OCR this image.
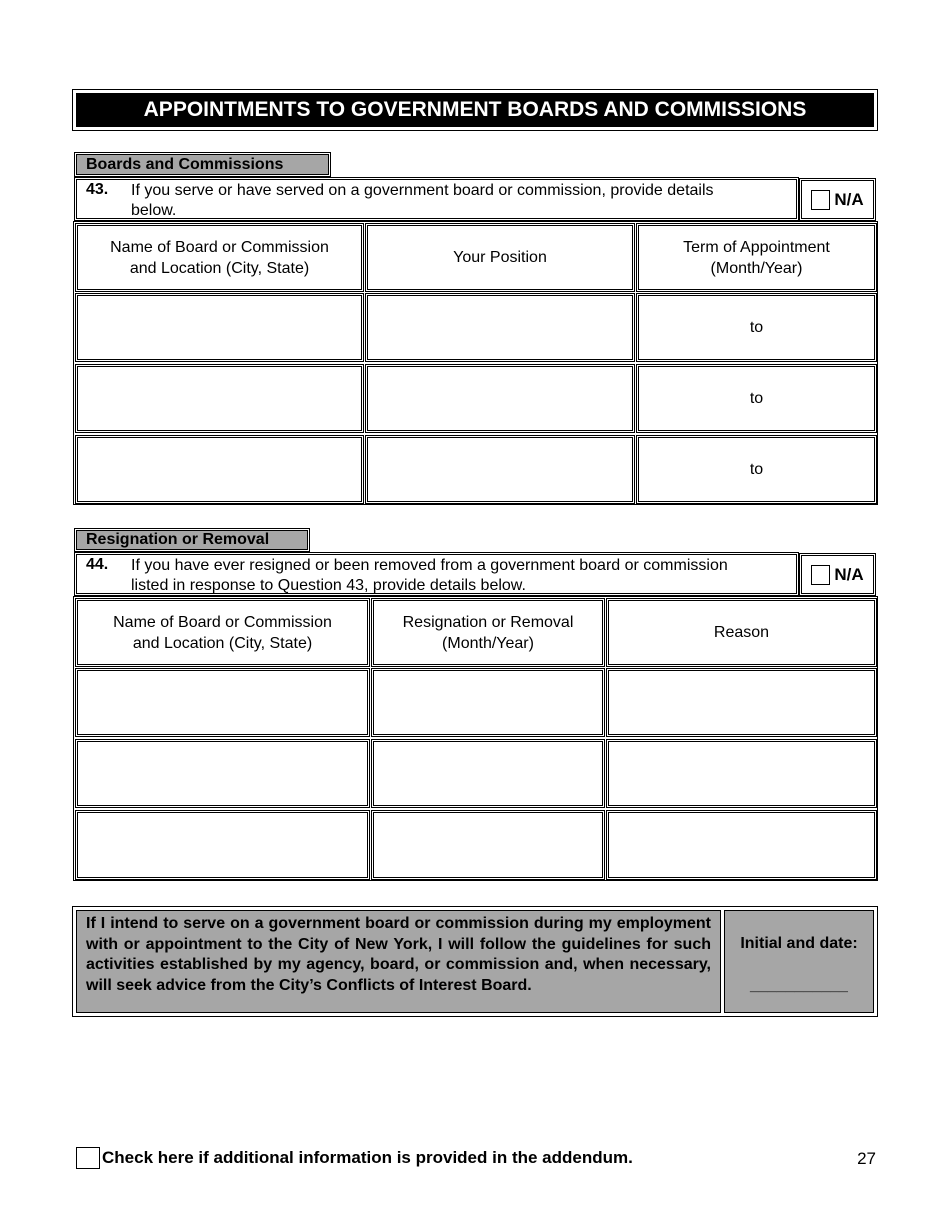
APPOINTMENTS TO GOVERNMENT BOARDS AND COMMISSIONS
Boards and Commissions
43. If you serve or have served on a government board or commission, provide details
below.
N/A
Name of Board or Commission
and Location (City, State)
Your Position
Term of Appointment
(Month/Year)
to
to
to
Resignation or Removal
44. If you have ever resigned or been removed from a government board or commission
listed in response to Question 43, provide details below.
N/A
Name of Board or Commission
and Location (City, State)
Resignation or Removal
(Month/Year)
Reason
If I intend to serve on a government board or commission during my employment with or appointment to the City of New York, I will follow the guidelines for such activities established by my agency, board, or commission and, when necessary, will seek advice from the City’s Conflicts of Interest Board.
Initial and date:
___________
Check here if additional information is provided in the addendum.	27
